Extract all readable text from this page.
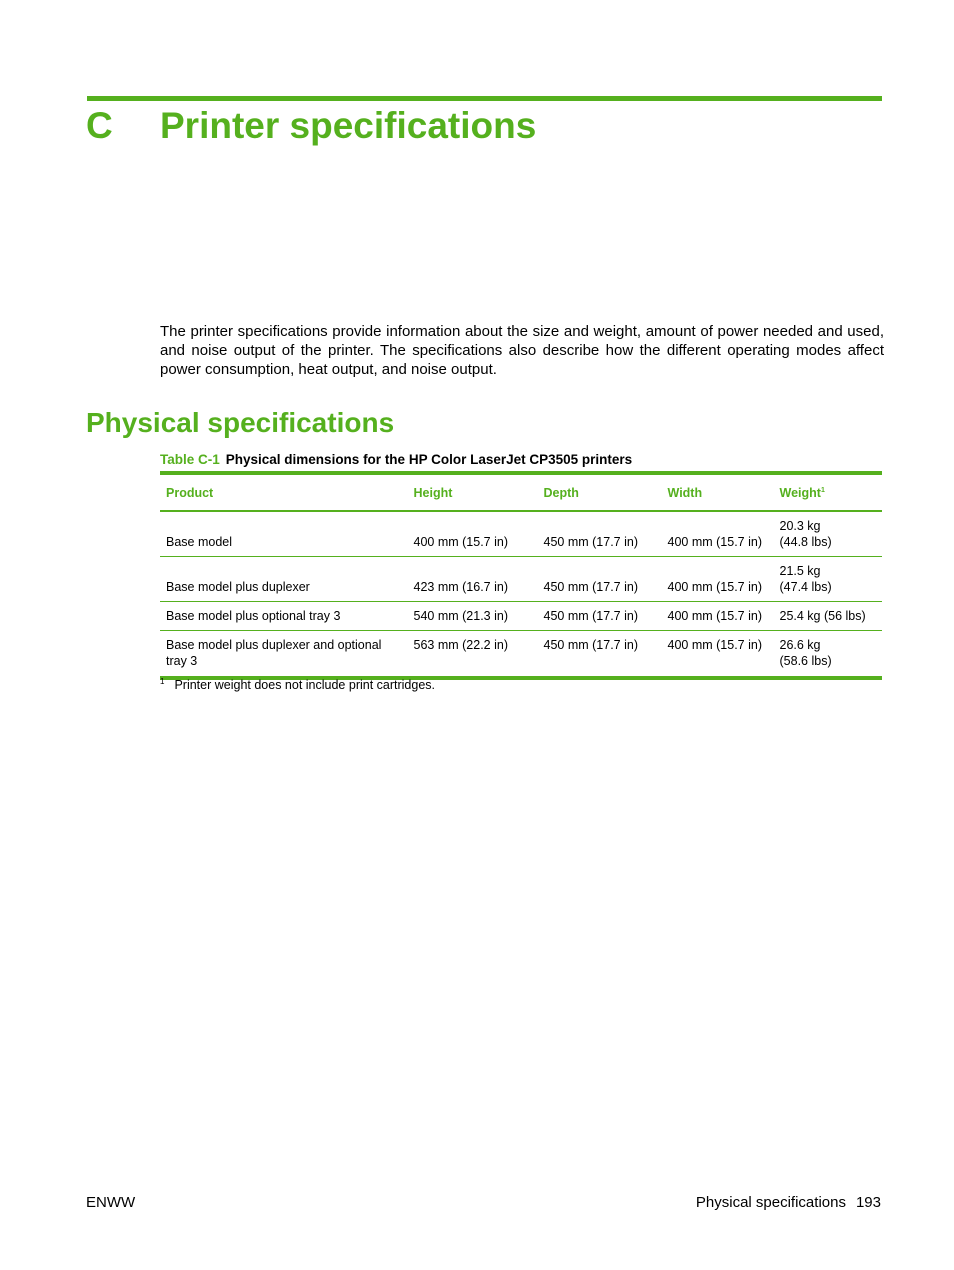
C Printer specifications

The printer specifications provide information about the size and weight, amount of power needed and used, and noise output of the printer. The specifications also describe how the different operating modes affect power consumption, heat output, and noise output.

Physical specifications
Table C-1 Physical dimensions for the HP Color LaserJet CP3505 printers
Product	Height	Depth	Width	Weight$^1$

Base model	400 mm (15.7 in)	450 mm (17.7 in)	400 mm (15.7 in)	20.3 kg
(44.8 lbs)

Base model plus duplexer	423 mm (16.7 in)	450 mm (17.7 in)	400 mm (15.7 in)	21.5 kg
(47.4 lbs)

Base model plus optional tray 3	540 mm (21.3 in)	450 mm (17.7 in)	400 mm (15.7 in)	25.4 kg (56 lbs)

Base model plus duplexer and optional
tray 3	563 mm (22.2 in)	450 mm (17.7 in)	400 mm (15.7 in)	26.6 kg
(58.6 lbs)
$^1$ Printer weight does not include print cartridges.
ENWW	Physical specifications 193
